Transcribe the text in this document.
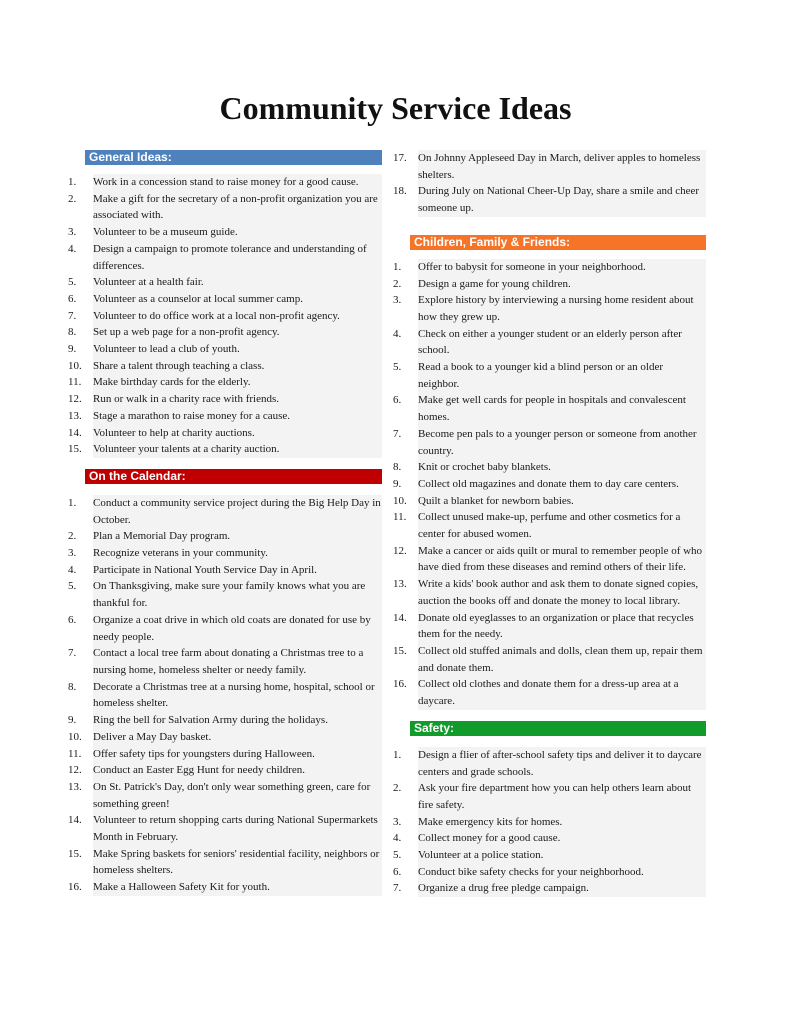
Community Service Ideas
General Ideas:
1.	Work in a concession stand to raise money for a good cause.
2.	Make a gift for the secretary of a non-profit organization you are associated with.
3.	Volunteer to be a museum guide.
4.	Design a campaign to promote tolerance and understanding of differences.
5.	Volunteer at a health fair.
6.	Volunteer as a counselor at local summer camp.
7.	Volunteer to do office work at a local non-profit agency.
8.	Set up a web page for a non-profit agency.
9.	Volunteer to lead a club of youth.
10.	Share a talent through teaching a class.
11.	Make birthday cards for the elderly.
12.	Run or walk in a charity race with friends.
13.	Stage a marathon to raise money for a cause.
14.	Volunteer to help at charity auctions.
15.	Volunteer your talents at a charity auction.
On the Calendar:
1.	Conduct a community service project during the Big Help Day in October.
2.	Plan a Memorial Day program.
3.	Recognize veterans in your community.
4.	Participate in National Youth Service Day in April.
5.	On Thanksgiving, make sure your family knows what you are thankful for.
6.	Organize a coat drive in which old coats are donated for use by needy people.
7.	Contact a local tree farm about donating a Christmas tree to a nursing home, homeless shelter or needy family.
8.	Decorate a Christmas tree at a nursing home, hospital, school or homeless shelter.
9.	Ring the bell for Salvation Army during the holidays.
10.	Deliver a May Day basket.
11.	Offer safety tips for youngsters during Halloween.
12.	Conduct an Easter Egg Hunt for needy children.
13.	On St. Patrick's Day, don't only wear something green, care for something green!
14.	Volunteer to return shopping carts during National Supermarkets Month in February.
15.	Make Spring baskets for seniors' residential facility, neighbors or homeless shelters.
16.	Make a Halloween Safety Kit for youth.
17.	On Johnny Appleseed Day in March, deliver apples to homeless shelters.
18.	During July on National Cheer-Up Day, share a smile and cheer someone up.
Children, Family & Friends:
1.	Offer to babysit for someone in your neighborhood.
2.	Design a game for young children.
3.	Explore history by interviewing a nursing home resident about how they grew up.
4.	Check on either a younger student or an elderly person after school.
5.	Read a book to a younger kid a blind person or an older neighbor.
6.	Make get well cards for people in hospitals and convalescent homes.
7.	Become pen pals to a younger person or someone from another country.
8.	Knit or crochet baby blankets.
9.	Collect old magazines and donate them to day care centers.
10.	Quilt a blanket for newborn babies.
11.	Collect unused make-up, perfume and other cosmetics for a center for abused women.
12.	Make a cancer or aids quilt or mural to remember people of who have died from these diseases and remind others of their life.
13.	Write a kids' book author and ask them to donate signed copies, auction the books off and donate the money to local library.
14.	Donate old eyeglasses to an organization or place that recycles them for the needy.
15.	Collect old stuffed animals and dolls, clean them up, repair them and donate them.
16.	Collect old clothes and donate them for a dress-up area at a daycare.
Safety:
1.	Design a flier of after-school safety tips and deliver it to daycare centers and grade schools.
2.	Ask your fire department how you can help others learn about fire safety.
3.	Make emergency kits for homes.
4.	Collect money for a good cause.
5.	Volunteer at a police station.
6.	Conduct bike safety checks for your neighborhood.
7.	Organize a drug free pledge campaign.
